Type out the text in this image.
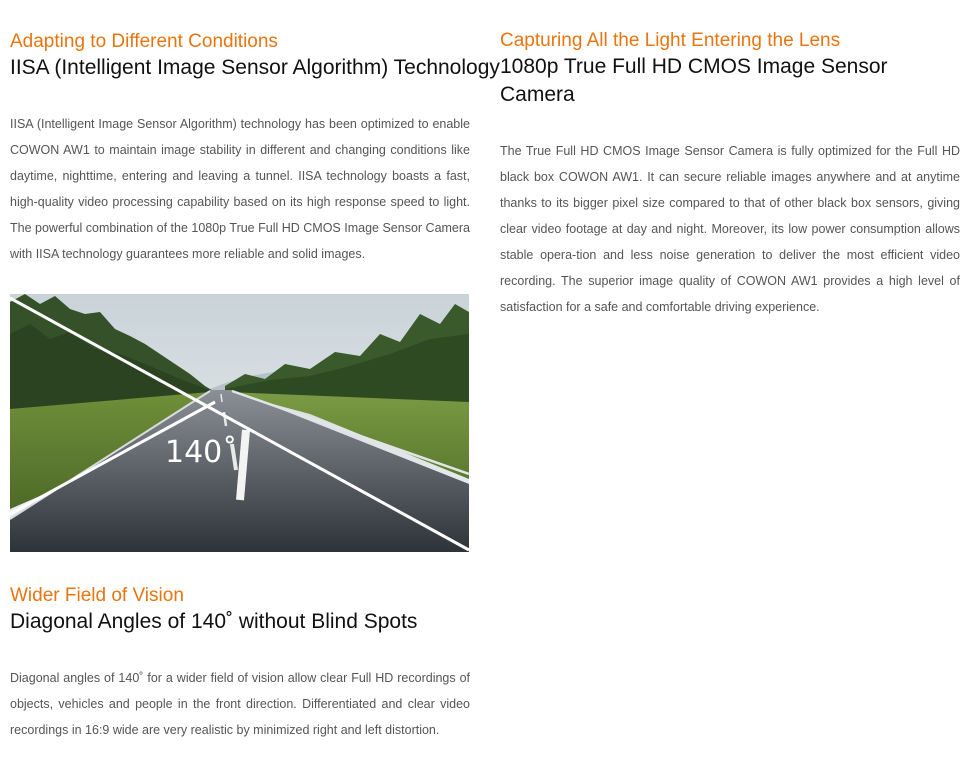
Adapting to Different Conditions
IISA (Intelligent Image Sensor Algorithm) Technology

IISA (Intelligent Image Sensor Algorithm) technology has been optimized to enable COWON AW1 to maintain image stability in different and changing conditions like daytime, nighttime, entering and leaving a tunnel. IISA technology boasts a fast, high-quality video processing capability based on its high response speed to light. The powerful combination of the 1080p True Full HD CMOS Image Sensor Camera with IISA technology guarantees more reliable and solid images.

140˚
Wider Field of Vision
Diagonal Angles of 140˚ without Blind Spots

Diagonal angles of 140˚ for a wider field of vision allow clear Full HD recordings of objects, vehicles and people in the front direction. Differentiated and clear video recordings in 16:9 wide are very realistic by minimized right and left distortion.

Capturing All the Light Entering the Lens
1080p True Full HD CMOS Image Sensor Camera

The True Full HD CMOS Image Sensor Camera is fully optimized for the Full HD black box COWON AW1. It can secure reliable images anywhere and at anytime thanks to its bigger pixel size compared to that of other black box sensors, giving clear video footage at day and night. Moreover, its low power consumption allows stable opera-tion and less noise generation to deliver the most efficient video recording. The superior image quality of COWON AW1 provides a high level of satisfaction for a safe and comfortable driving experience.
